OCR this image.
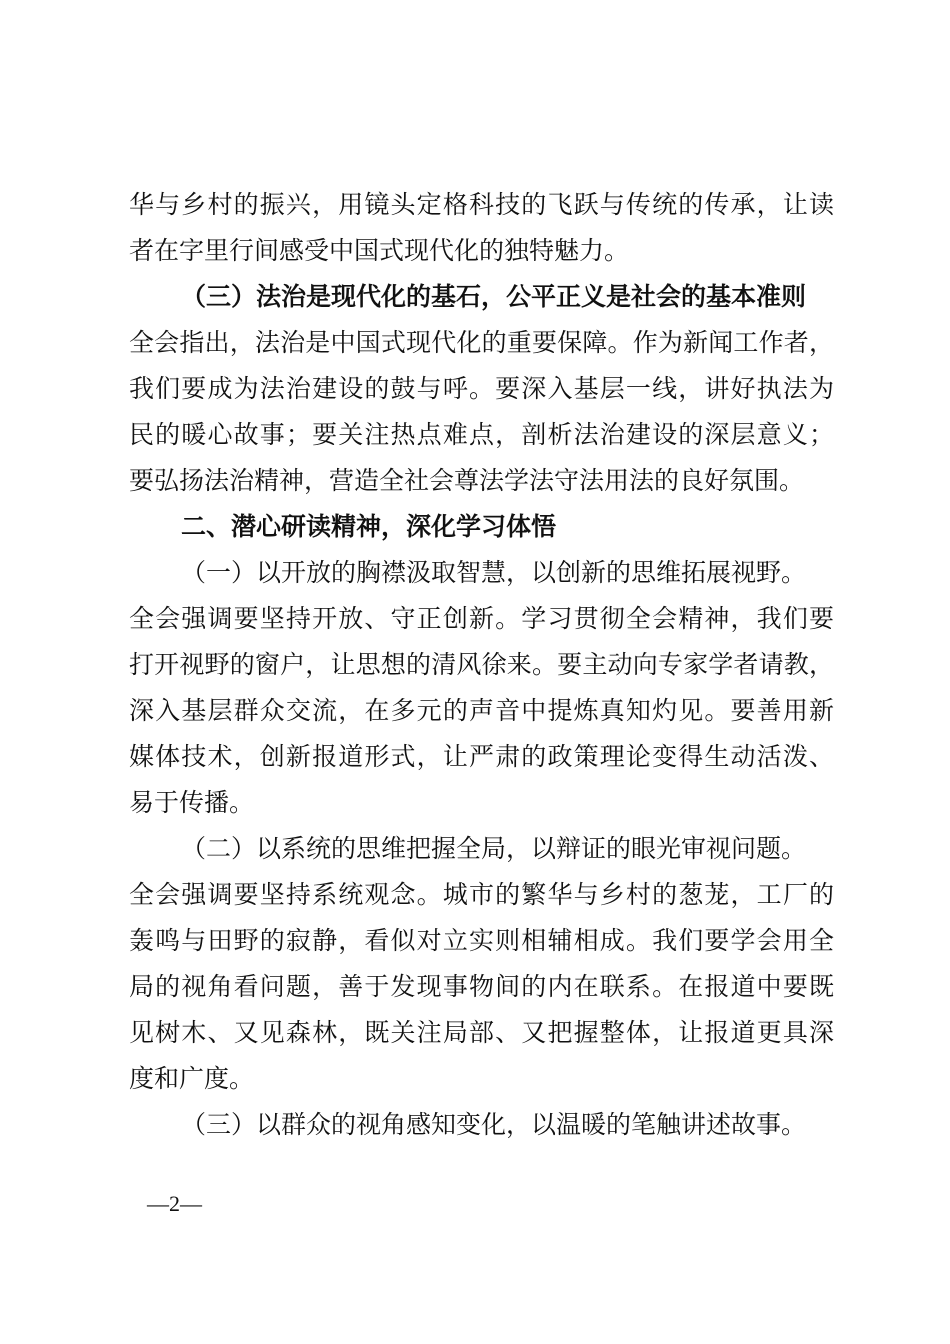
华与乡村的振兴，用镜头定格科技的飞跃与传统的传承，让读
者在字里行间感受中国式现代化的独特魅力。
（三）法治是现代化的基石，公平正义是社会的基本准则
全会指出，法治是中国式现代化的重要保障。作为新闻工作者，
我们要成为法治建设的鼓与呼。要深入基层一线，讲好执法为
民的暖心故事；要关注热点难点，剖析法治建设的深层意义；
要弘扬法治精神，营造全社会尊法学法守法用法的良好氛围。
二、潜心研读精神，深化学习体悟
（一）以开放的胸襟汲取智慧，以创新的思维拓展视野。
全会强调要坚持开放、守正创新。学习贯彻全会精神，我们要
打开视野的窗户，让思想的清风徐来。要主动向专家学者请教，
深入基层群众交流，在多元的声音中提炼真知灼见。要善用新
媒体技术，创新报道形式，让严肃的政策理论变得生动活泼、
易于传播。
（二）以系统的思维把握全局，以辩证的眼光审视问题。
全会强调要坚持系统观念。城市的繁华与乡村的葱茏，工厂的
轰鸣与田野的寂静，看似对立实则相辅相成。我们要学会用全
局的视角看问题，善于发现事物间的内在联系。在报道中要既
见树木、又见森林，既关注局部、又把握整体，让报道更具深
度和广度。
（三）以群众的视角感知变化，以温暖的笔触讲述故事。
—2—
